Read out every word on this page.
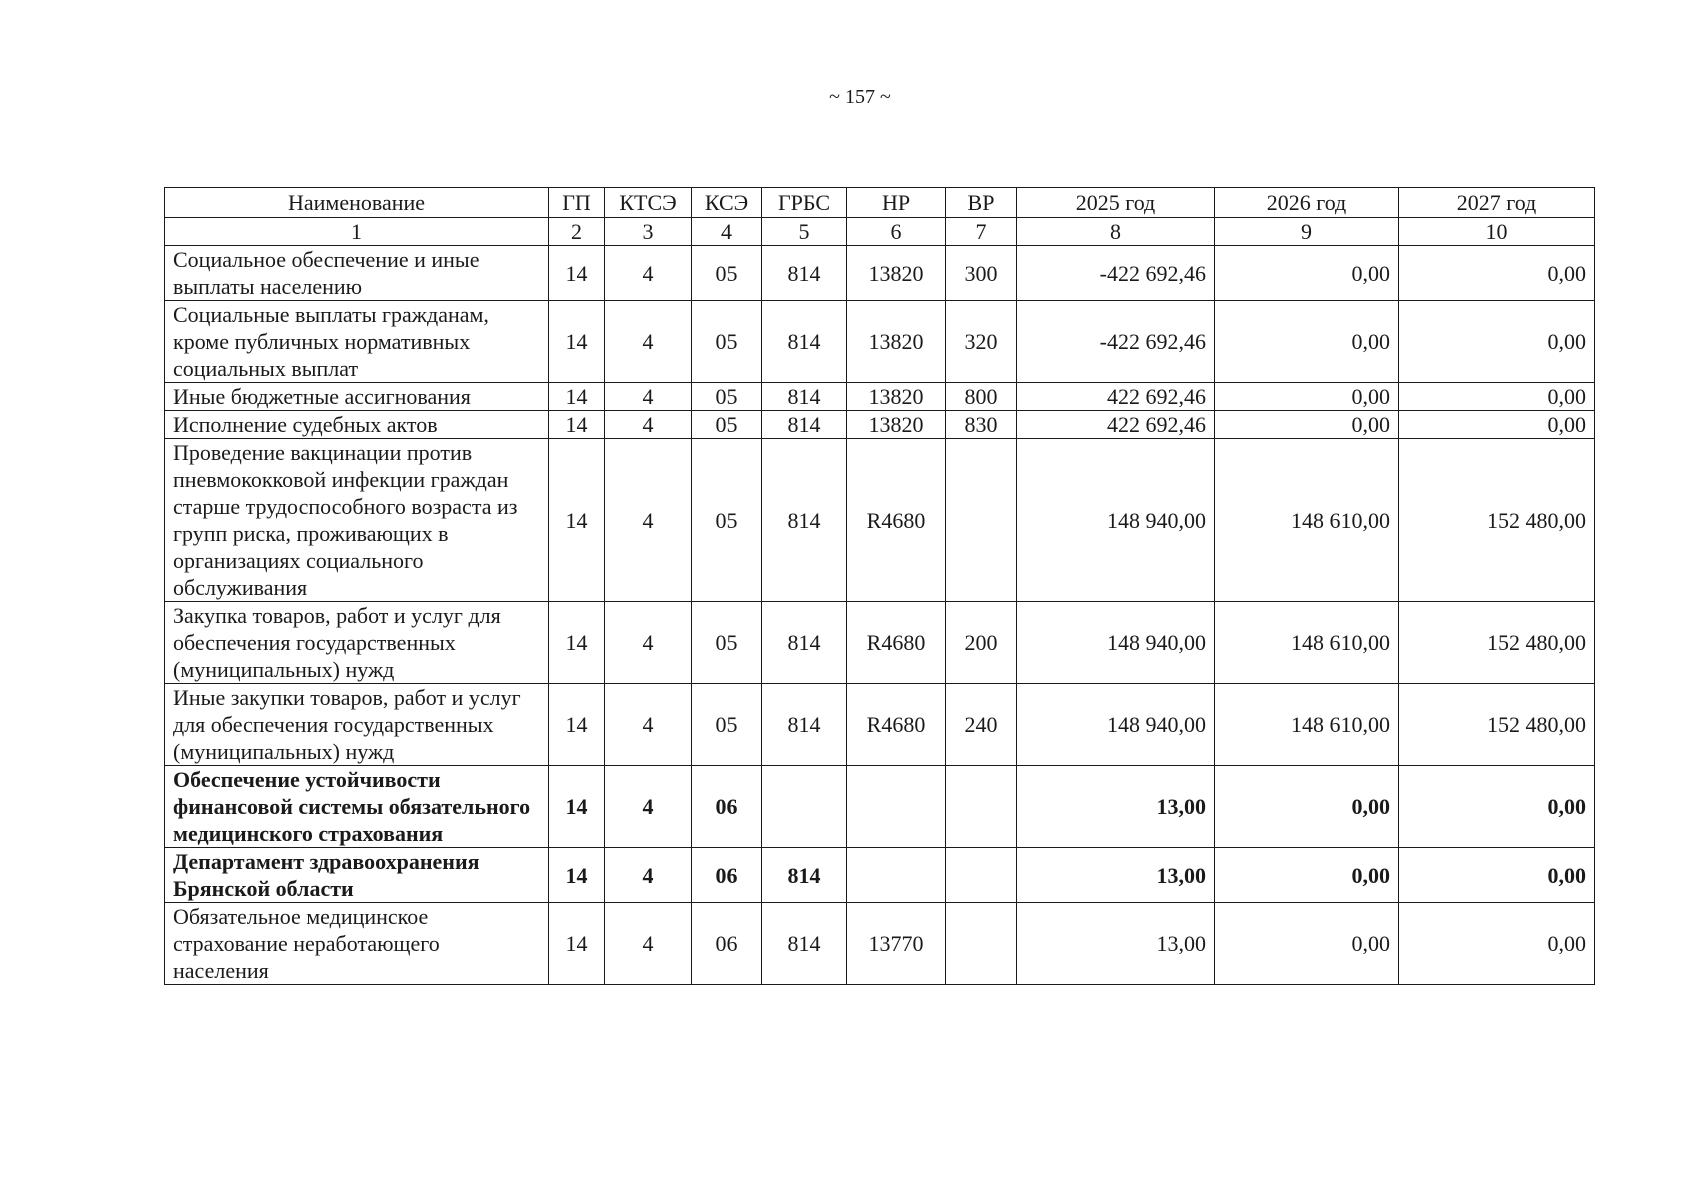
~ 157 ~
Наименование	ГП	КТСЭ	КСЭ	ГРБС	НР	ВР	2025 год	2026 год	2027 год
1	2	3	4	5	6	7	8	9	10
Социальное обеспечение и иные выплаты населению	14	4	05	814	13820	300	-422 692,46	0,00	0,00
Социальные выплаты гражданам, кроме публичных нормативных социальных выплат	14	4	05	814	13820	320	-422 692,46	0,00	0,00
Иные бюджетные ассигнования	14	4	05	814	13820	800	422 692,46	0,00	0,00
Исполнение судебных актов	14	4	05	814	13820	830	422 692,46	0,00	0,00
Проведение вакцинации против пневмококковой инфекции граждан старше трудоспособного возраста из групп риска, проживающих в организациях социального обслуживания	14	4	05	814	R4680		148 940,00	148 610,00	152 480,00
Закупка товаров, работ и услуг для обеспечения государственных (муниципальных) нужд	14	4	05	814	R4680	200	148 940,00	148 610,00	152 480,00
Иные закупки товаров, работ и услуг для обеспечения государственных (муниципальных) нужд	14	4	05	814	R4680	240	148 940,00	148 610,00	152 480,00
Обеспечение устойчивости финансовой системы обязательного медицинского страхования	14	4	06				13,00	0,00	0,00
Департамент здравоохранения Брянской области	14	4	06	814			13,00	0,00	0,00
Обязательное медицинское страхование неработающего населения	14	4	06	814	13770		13,00	0,00	0,00
